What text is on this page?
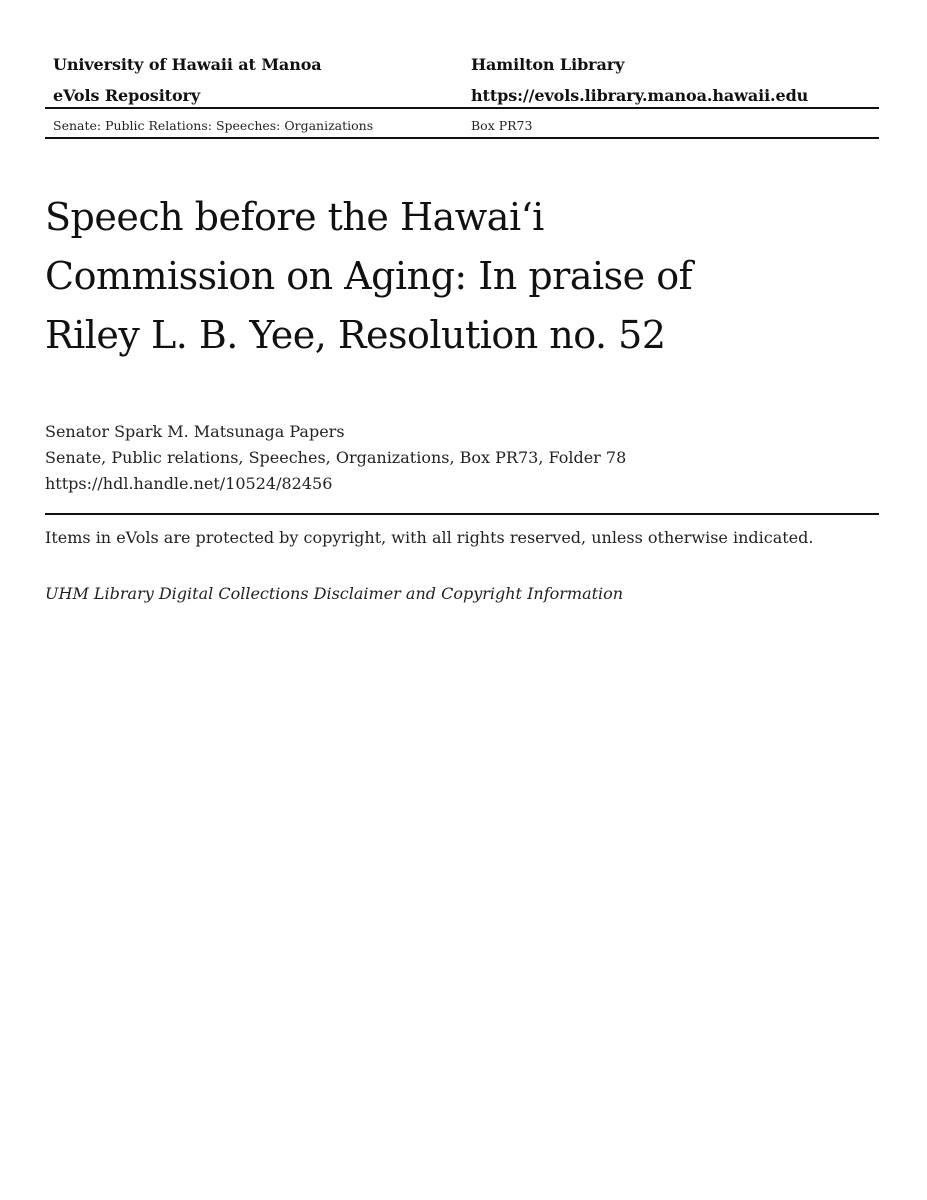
University of Hawaii at Manoa	Hamilton Library
eVols Repository	https://evols.library.manoa.hawaii.edu
Senate: Public Relations: Speeches: Organizations	Box PR73
Speech before the Hawaiʻi
Commission on Aging: In praise of
Riley L. B. Yee, Resolution no. 52
Senator Spark M. Matsunaga Papers
Senate, Public relations, Speeches, Organizations, Box PR73, Folder 78
https://hdl.handle.net/10524/82456
Items in eVols are protected by copyright, with all rights reserved, unless otherwise indicated.
UHM Library Digital Collections Disclaimer and Copyright Information
